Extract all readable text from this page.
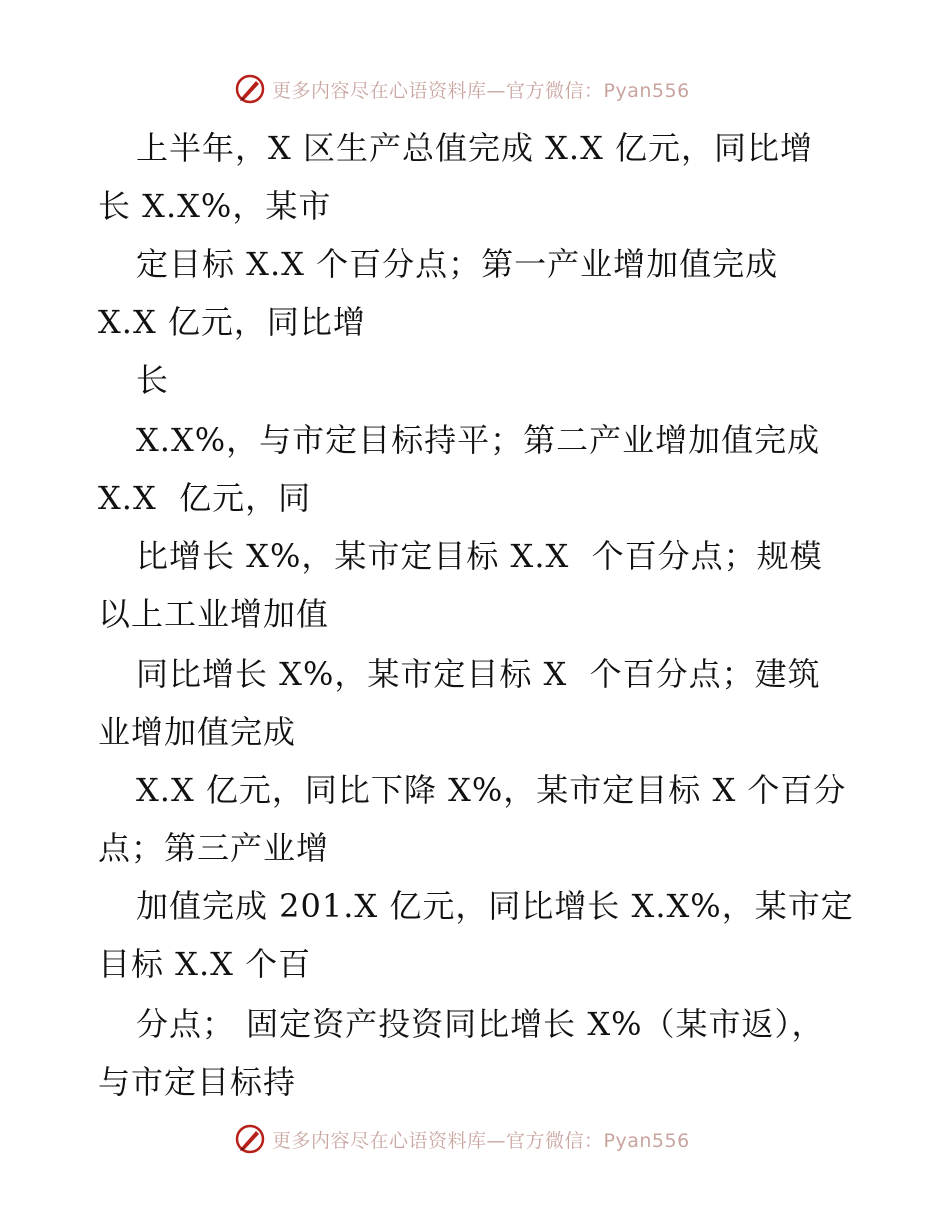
更多内容尽在心语资料库—官方微信：Pyan556
上半年，X 区生产总值完成 X.X 亿元，同比增
长 X.X%，某市
定目标 X.X 个百分点；第一产业增加值完成
X.X 亿元，同比增
长
X.X%，与市定目标持平；第二产业增加值完成
X.X  亿元，同
比增长 X%，某市定目标 X.X  个百分点；规模
以上工业增加值
同比增长 X%，某市定目标 X  个百分点；建筑
业增加值完成
X.X 亿元，同比下降 X%，某市定目标 X 个百分
点；第三产业增
加值完成 201.X 亿元，同比增长 X.X%，某市定
目标 X.X 个百
分点； 固定资产投资同比增长 X%（某市返），
与市定目标持
更多内容尽在心语资料库—官方微信：Pyan556
